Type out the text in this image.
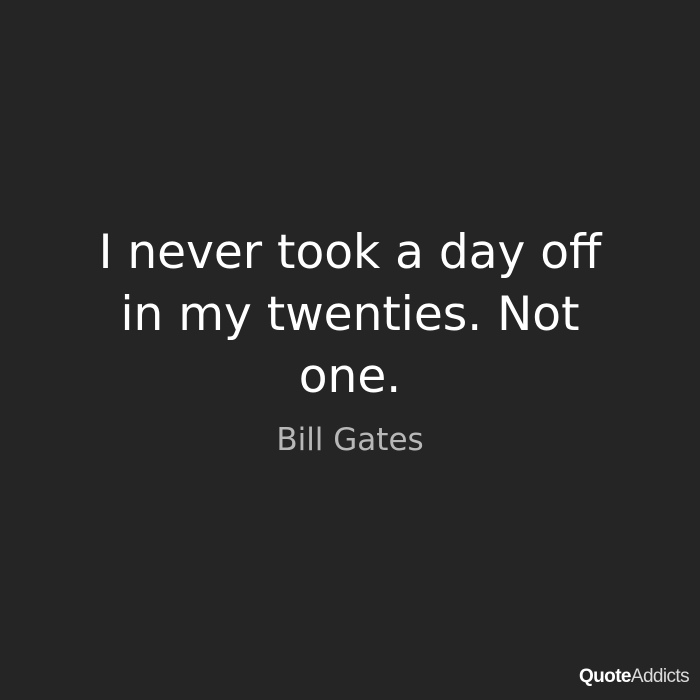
I never took a day off
in my twenties. Not
one.

Bill Gates
QuoteAddicts
